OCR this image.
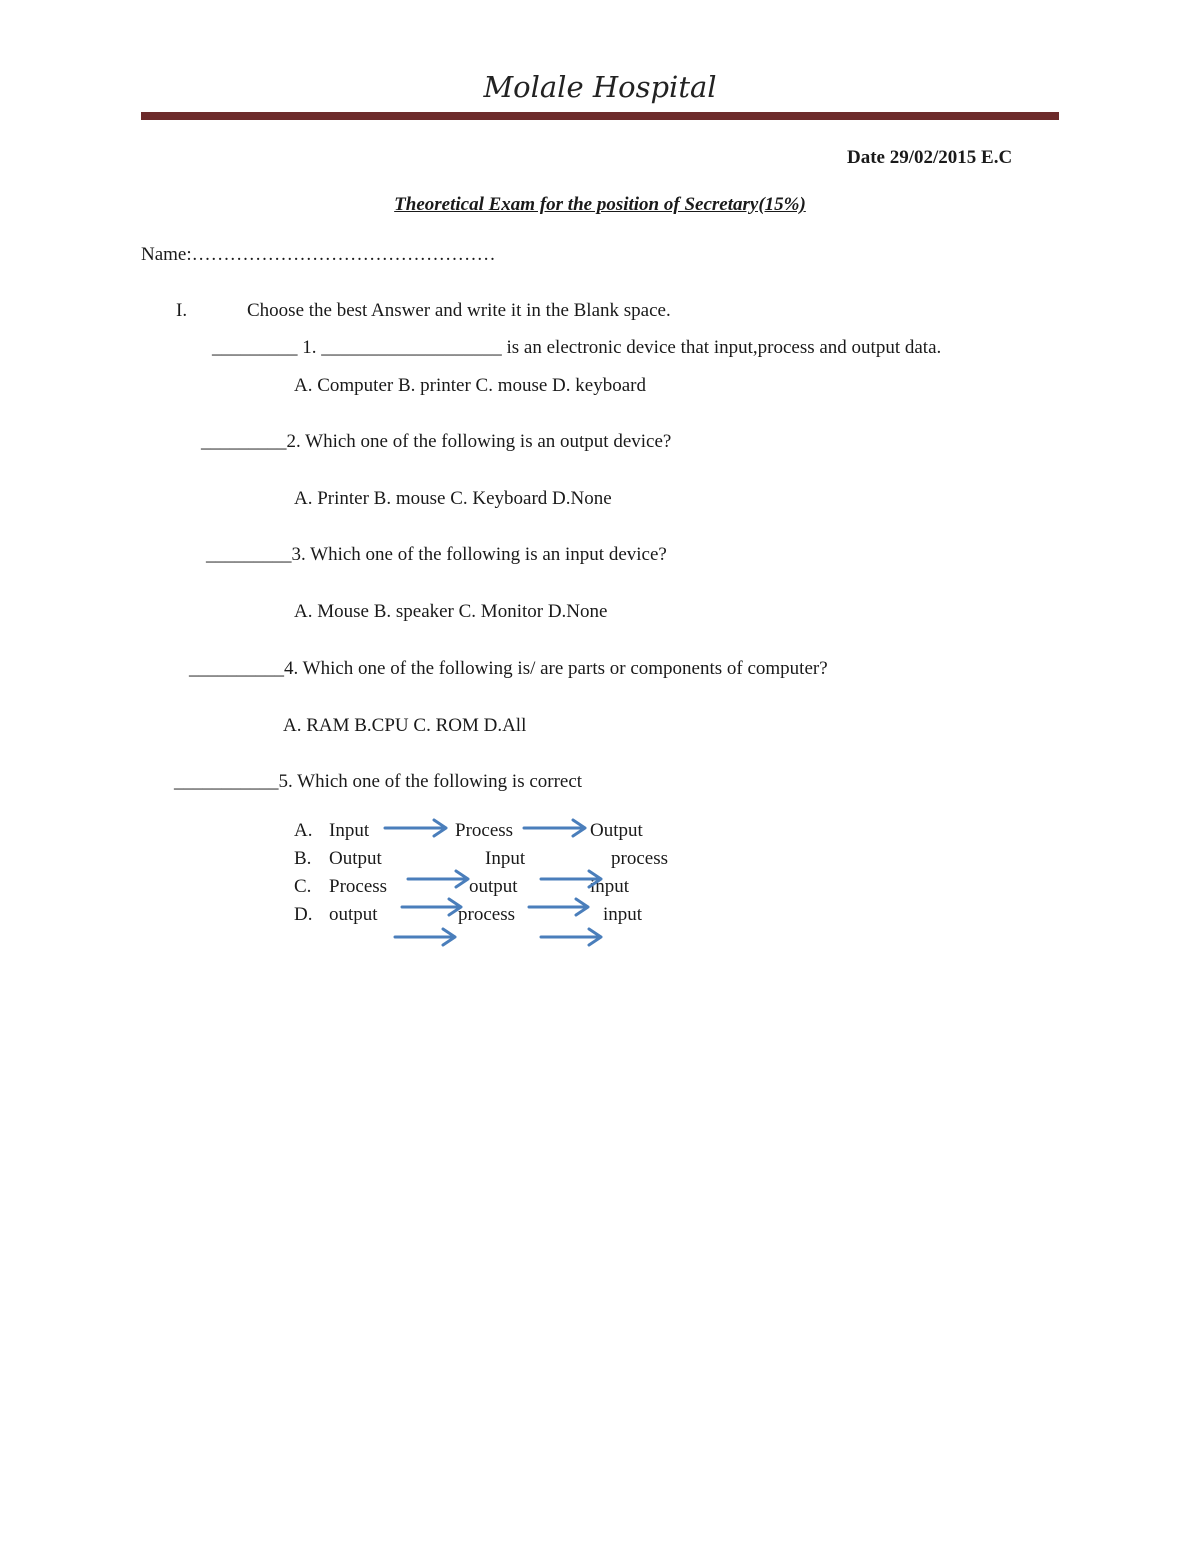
Molale Hospital
Date 29/02/2015 E.C
Theoretical Exam for the position of Secretary(15%)
Name:…………………………………………
I.	Choose the best Answer and write it in the Blank space.
_________ 1. ___________________ is an electronic device that input,process and output data.
A. Computer B. printer C. mouse D. keyboard
_________2. Which one of the following is an output device?
A. Printer B. mouse C. Keyboard D.None
_________3. Which one of the following is an input device?
A. Mouse B. speaker C. Monitor D.None
__________4. Which one of the following is/ are parts or components of computer?
A. RAM B.CPU C. ROM D.All
___________5. Which one of the following is correct
A. Input	Process	Output
B. Output	Input	process
C. Process	output	input
D. output	process	input
